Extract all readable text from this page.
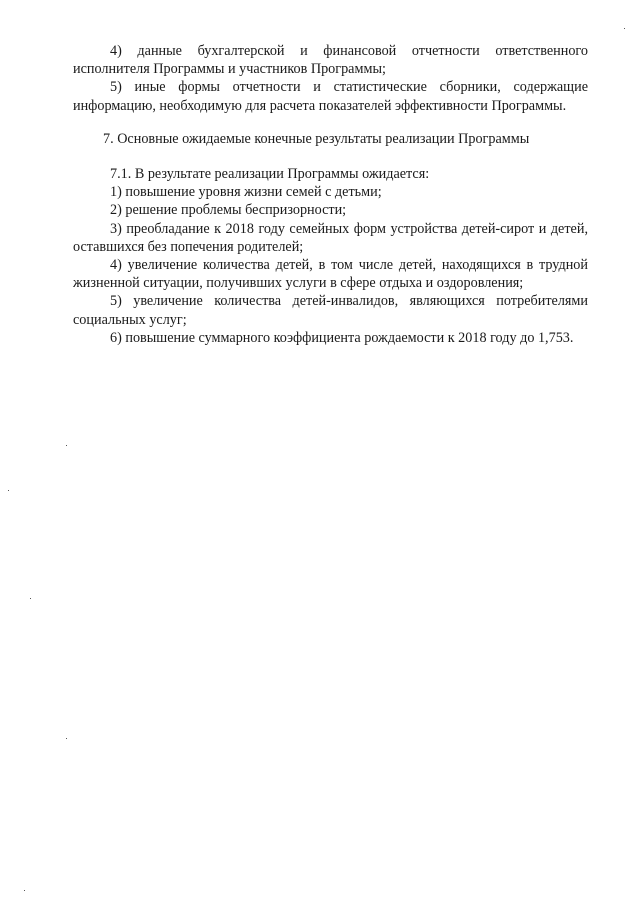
4) данные бухгалтерской и финансовой отчетности ответственного исполнителя Программы и участников Программы;

5) иные формы отчетности и статистические сборники, содержащие информацию, необходимую для расчета показателей эффективности Программы.

7. Основные ожидаемые конечные результаты реализации Программы

7.1. В результате реализации Программы ожидается:

1) повышение уровня жизни семей с детьми;

2) решение проблемы беспризорности;

3) преобладание к 2018 году семейных форм устройства детей-сирот и детей, оставшихся без попечения родителей;

4) увеличение количества детей, в том числе детей, находящихся в трудной жизненной ситуации, получивших услуги в сфере отдыха и оздоровления;

5) увеличение количества детей-инвалидов, являющихся потребителями социальных услуг;

6) повышение суммарного коэффициента рождаемости к 2018 году до 1,753.
